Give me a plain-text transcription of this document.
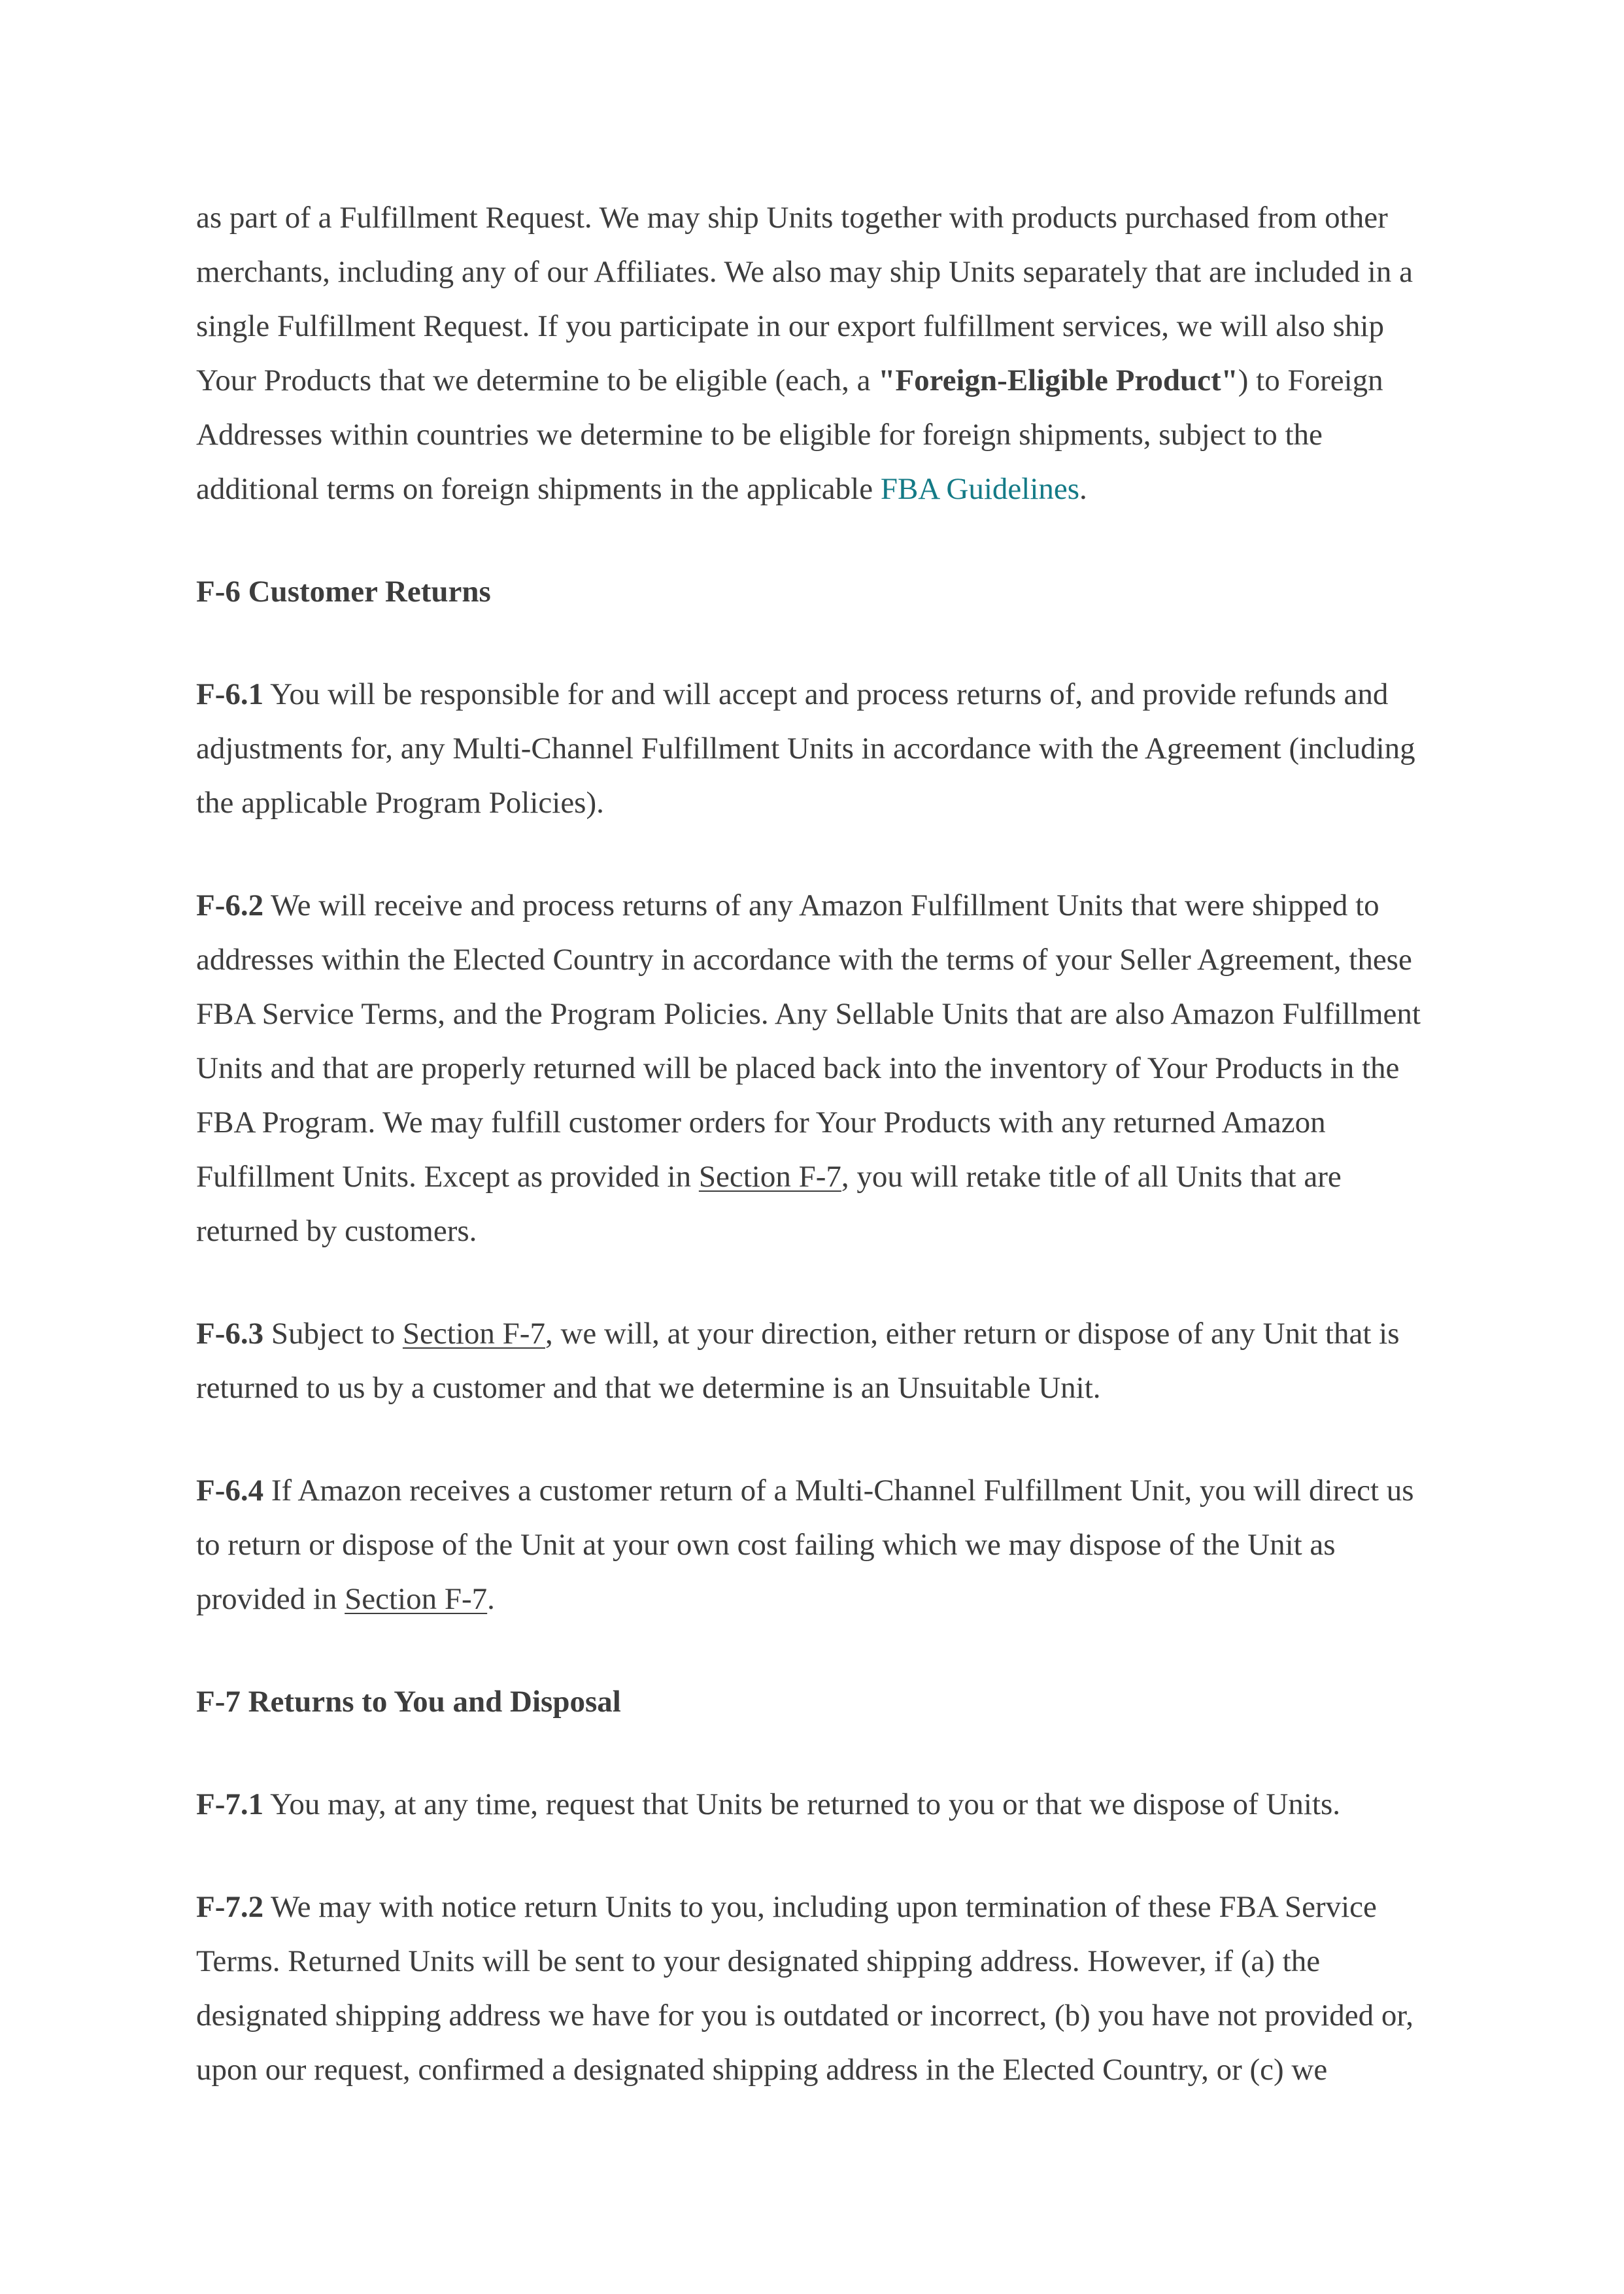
as part of a Fulfillment Request. We may ship Units together with products purchased from other merchants, including any of our Affiliates. We also may ship Units separately that are included in a single Fulfillment Request. If you participate in our export fulfillment services, we will also ship Your Products that we determine to be eligible (each, a "Foreign-Eligible Product") to Foreign Addresses within countries we determine to be eligible for foreign shipments, subject to the additional terms on foreign shipments in the applicable FBA Guidelines.

F-6 Customer Returns

F-6.1 You will be responsible for and will accept and process returns of, and provide refunds and adjustments for, any Multi-Channel Fulfillment Units in accordance with the Agreement (including the applicable Program Policies).

F-6.2 We will receive and process returns of any Amazon Fulfillment Units that were shipped to addresses within the Elected Country in accordance with the terms of your Seller Agreement, these FBA Service Terms, and the Program Policies. Any Sellable Units that are also Amazon Fulfillment Units and that are properly returned will be placed back into the inventory of Your Products in the FBA Program. We may fulfill customer orders for Your Products with any returned Amazon Fulfillment Units. Except as provided in Section F-7, you will retake title of all Units that are returned by customers.

F-6.3 Subject to Section F-7, we will, at your direction, either return or dispose of any Unit that is returned to us by a customer and that we determine is an Unsuitable Unit.

F-6.4 If Amazon receives a customer return of a Multi-Channel Fulfillment Unit, you will direct us to return or dispose of the Unit at your own cost failing which we may dispose of the Unit as provided in Section F-7.

F-7 Returns to You and Disposal

F-7.1 You may, at any time, request that Units be returned to you or that we dispose of Units.

F-7.2 We may with notice return Units to you, including upon termination of these FBA Service Terms. Returned Units will be sent to your designated shipping address. However, if (a) the designated shipping address we have for you is outdated or incorrect, (b) you have not provided or, upon our request, confirmed a designated shipping address in the Elected Country, or (c) we
